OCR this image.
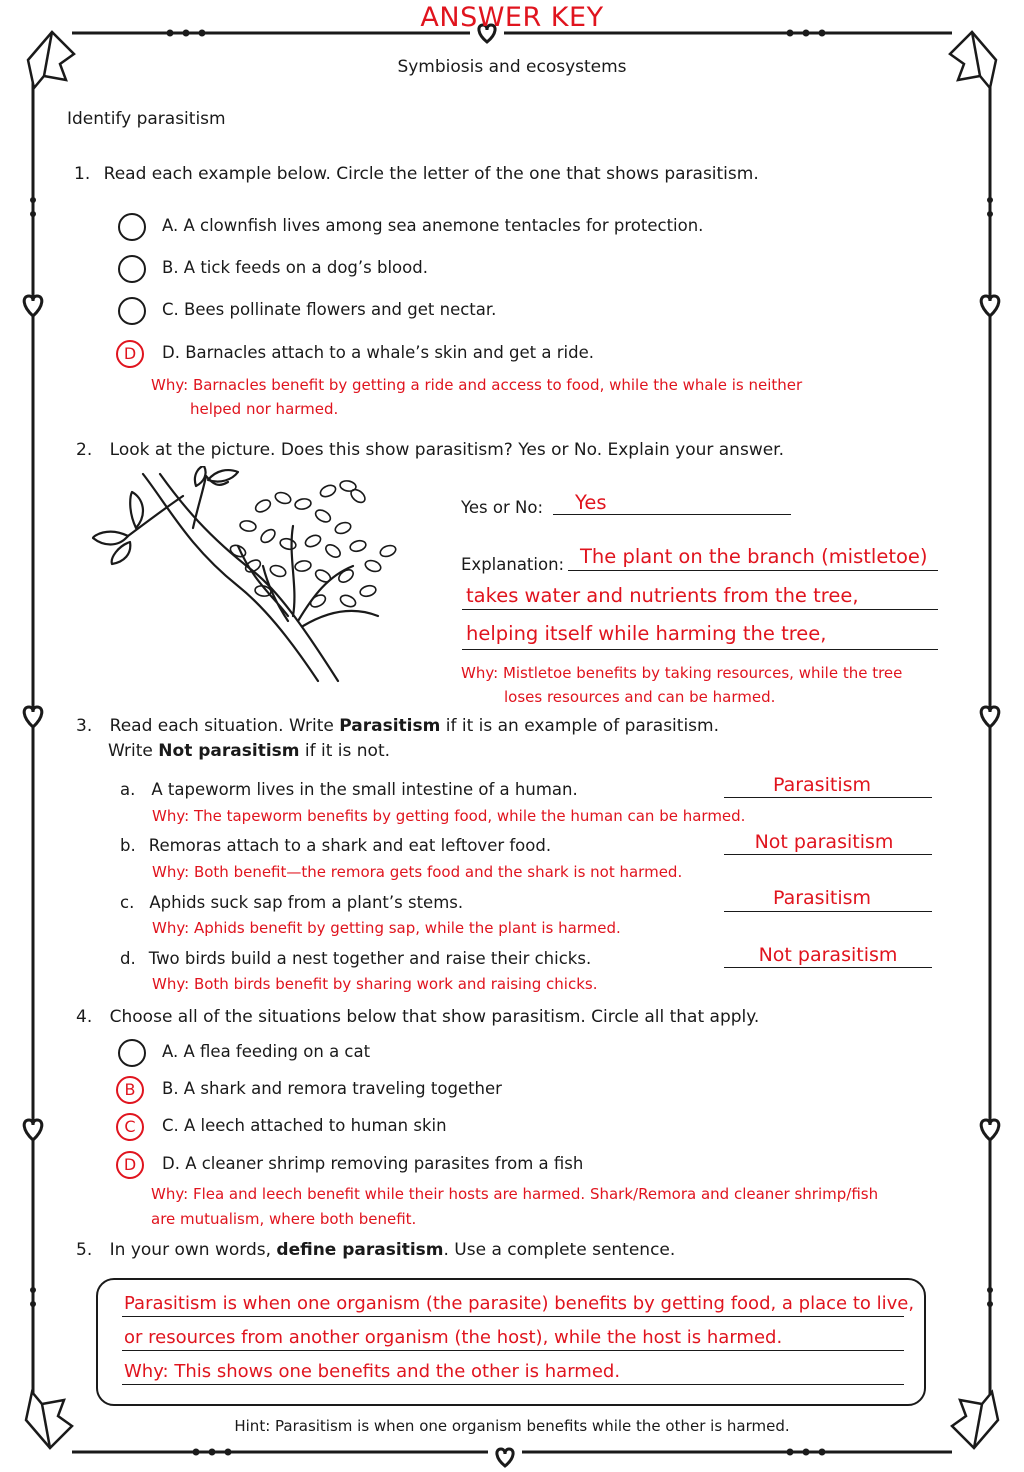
ANSWER KEY
Symbiosis and ecosystems
Identify parasitism
1. Read each example below. Circle the letter of the one that shows parasitism.
A. A clownfish lives among sea anemone tentacles for protection.
B. A tick feeds on a dog’s blood.
C. Bees pollinate flowers and get nectar.
D	D. Barnacles attach to a whale’s skin and get a ride.
Why: Barnacles benefit by getting a ride and access to food, while the whale is neither
helped nor harmed.
2. Look at the picture. Does this show parasitism? Yes or No. Explain your answer.
Yes or No: Yes
Explanation: The plant on the branch (mistletoe)
takes water and nutrients from the tree,
helping itself while harming the tree,
Why: Mistletoe benefits by taking resources, while the tree
loses resources and can be harmed.
3. Read each situation. Write Parasitism if it is an example of parasitism.
Write Not parasitism if it is not.
a. A tapeworm lives in the small intestine of a human.
Why: The tapeworm benefits by getting food, while the human can be harmed.
Parasitism
b. Remoras attach to a shark and eat leftover food.
Why: Both benefit—the remora gets food and the shark is not harmed.
Not parasitism
c. Aphids suck sap from a plant’s stems.
Why: Aphids benefit by getting sap, while the plant is harmed.
Parasitism
d. Two birds build a nest together and raise their chicks.
Why: Both birds benefit by sharing work and raising chicks.
Not parasitism
4. Choose all of the situations below that show parasitism. Circle all that apply.
A. A flea feeding on a cat
B	B. A shark and remora traveling together
C	C. A leech attached to human skin
D	D. A cleaner shrimp removing parasites from a fish
Why: Flea and leech benefit while their hosts are harmed. Shark/Remora and cleaner shrimp/fish
are mutualism, where both benefit.
5. In your own words, define parasitism. Use a complete sentence.
Parasitism is when one organism (the parasite) benefits by getting food, a place to live,
or resources from another organism (the host), while the host is harmed.
Why: This shows one benefits and the other is harmed.
Hint: Parasitism is when one organism benefits while the other is harmed.
